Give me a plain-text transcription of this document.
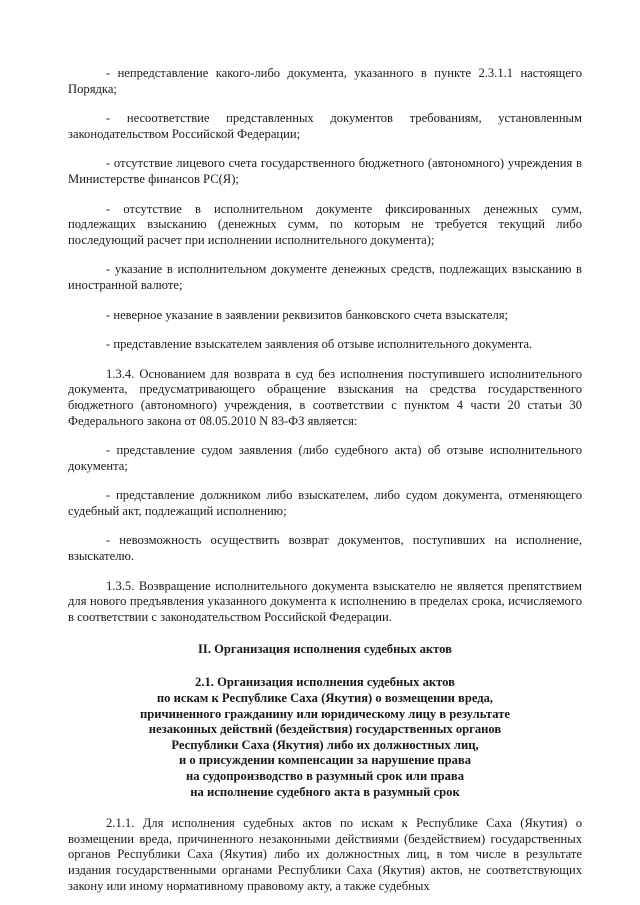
- непредставление какого-либо документа, указанного в пункте 2.3.1.1 настоящего Порядка;

- несоответствие представленных документов требованиям, установленным законодательством Российской Федерации;

- отсутствие лицевого счета государственного бюджетного (автономного) учреждения в Министерстве финансов РС(Я);

- отсутствие в исполнительном документе фиксированных денежных сумм, подлежащих взысканию (денежных сумм, по которым не требуется текущий либо последующий расчет при исполнении исполнительного документа);

- указание в исполнительном документе денежных средств, подлежащих взысканию в иностранной валюте;

- неверное указание в заявлении реквизитов банковского счета взыскателя;

- представление взыскателем заявления об отзыве исполнительного документа.

1.3.4. Основанием для возврата в суд без исполнения поступившего исполнительного документа, предусматривающего обращение взыскания на средства государственного бюджетного (автономного) учреждения, в соответствии с пунктом 4 части 20 статьи 30 Федерального закона от 08.05.2010 N 83-ФЗ является:

- представление судом заявления (либо судебного акта) об отзыве исполнительного документа;

- представление должником либо взыскателем, либо судом документа, отменяющего судебный акт, подлежащий исполнению;

- невозможность осуществить возврат документов, поступивших на исполнение, взыскателю.

1.3.5. Возвращение исполнительного документа взыскателю не является препятствием для нового предъявления указанного документа к исполнению в пределах срока, исчисляемого в соответствии с законодательством Российской Федерации.

II. Организация исполнения судебных актов
2.1. Организация исполнения судебных актов
по искам к Республике Саха (Якутия) о возмещении вреда,
причиненного гражданину или юридическому лицу в результате
незаконных действий (бездействия) государственных органов
Республики Саха (Якутия) либо их должностных лиц,
и о присуждении компенсации за нарушение права
на судопроизводство в разумный срок или права
на исполнение судебного акта в разумный срок

2.1.1. Для исполнения судебных актов по искам к Республике Саха (Якутия) о возмещении вреда, причиненного незаконными действиями (бездействием) государственных органов Республики Саха (Якутия) либо их должностных лиц, в том числе в результате издания государственными органами Республики Саха (Якутия) актов, не соответствующих закону или иному нормативному правовому акту, а также судебных
